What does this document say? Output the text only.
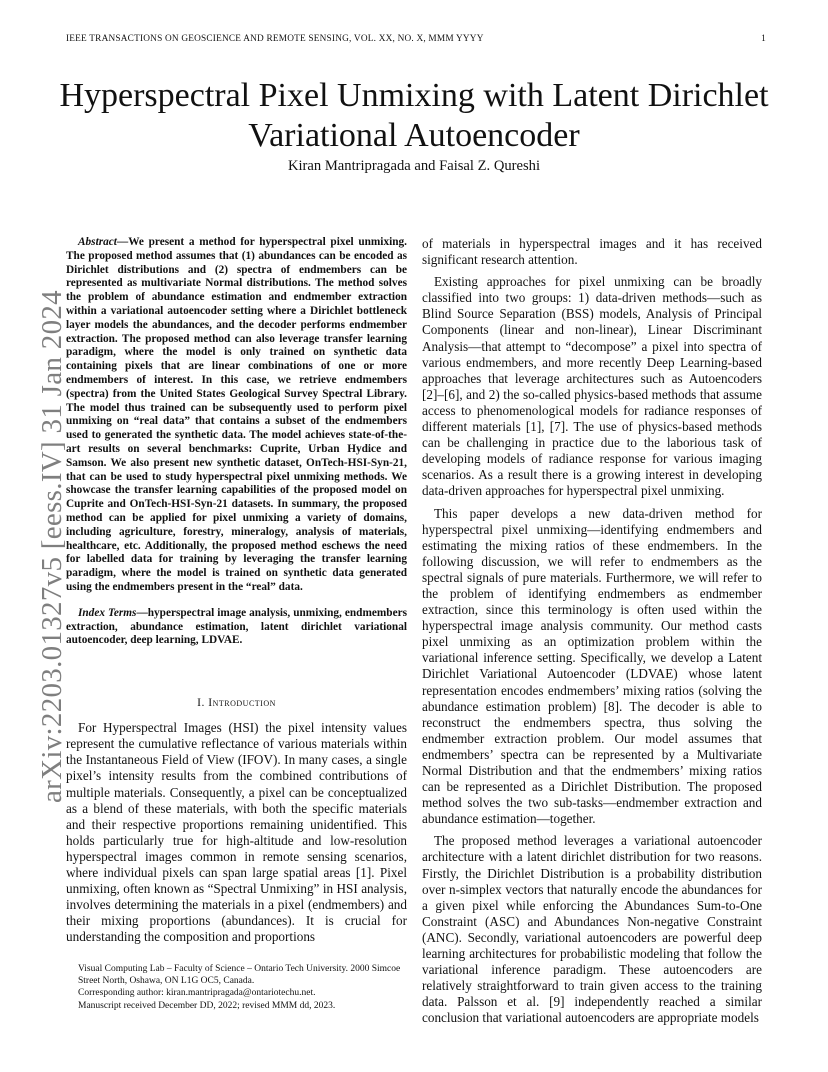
IEEE TRANSACTIONS ON GEOSCIENCE AND REMOTE SENSING, VOL. XX, NO. X, MMM YYYY	1
arXiv:2203.01327v5 [eess.IV] 31 Jan 2024
Hyperspectral Pixel Unmixing with Latent Dirichlet
Variational Autoencoder
Kiran Mantripragada and Faisal Z. Qureshi

Abstract—We present a method for hyperspectral pixel unmixing. The proposed method assumes that (1) abundances can be encoded as Dirichlet distributions and (2) spectra of endmembers can be represented as multivariate Normal distributions. The method solves the problem of abundance estimation and endmember extraction within a variational autoencoder setting where a Dirichlet bottleneck layer models the abundances, and the decoder performs endmember extraction. The proposed method can also leverage transfer learning paradigm, where the model is only trained on synthetic data containing pixels that are linear combinations of one or more endmembers of interest. In this case, we retrieve endmembers (spectra) from the United States Geological Survey Spectral Library. The model thus trained can be subsequently used to perform pixel unmixing on “real data” that contains a subset of the endmembers used to generated the synthetic data. The model achieves state-of-the-art results on several benchmarks: Cuprite, Urban Hydice and Samson. We also present new synthetic dataset, OnTech-HSI-Syn-21, that can be used to study hyperspectral pixel unmixing methods. We showcase the transfer learning capabilities of the proposed model on Cuprite and OnTech-HSI-Syn-21 datasets. In summary, the proposed method can be applied for pixel unmixing a variety of domains, including agriculture, forestry, mineralogy, analysis of materials, healthcare, etc. Additionally, the proposed method eschews the need for labelled data for training by leveraging the transfer learning paradigm, where the model is trained on synthetic data generated using the endmembers present in the “real” data.

Index Terms—hyperspectral image analysis, unmixing, endmembers extraction, abundance estimation, latent dirichlet variational autoencoder, deep learning, LDVAE.

I. Introduction

For Hyperspectral Images (HSI) the pixel intensity values represent the cumulative reflectance of various materials within the Instantaneous Field of View (IFOV). In many cases, a single pixel’s intensity results from the combined contributions of multiple materials. Consequently, a pixel can be conceptualized as a blend of these materials, with both the specific materials and their respective proportions remaining unidentified. This holds particularly true for high-altitude and low-resolution hyperspectral images common in remote sensing scenarios, where individual pixels can span large spatial areas [1]. Pixel unmixing, often known as “Spectral Unmixing” in HSI analysis, involves determining the materials in a pixel (endmembers) and their mixing proportions (abundances). It is crucial for understanding the composition and proportions

Visual Computing Lab – Faculty of Science – Ontario Tech University. 2000 Simcoe Street North, Oshawa, ON L1G OC5, Canada.

Corresponding author: kiran.mantripragada@ontariotechu.net.

Manuscript received December DD, 2022; revised MMM dd, 2023.

of materials in hyperspectral images and it has received significant research attention.

Existing approaches for pixel unmixing can be broadly classified into two groups: 1) data-driven methods—such as Blind Source Separation (BSS) models, Analysis of Principal Components (linear and non-linear), Linear Discriminant Analysis—that attempt to “decompose” a pixel into spectra of various endmembers, and more recently Deep Learning-based approaches that leverage architectures such as Autoencoders [2]–[6], and 2) the so-called physics-based methods that assume access to phenomenological models for radiance responses of different materials [1], [7]. The use of physics-based methods can be challenging in practice due to the laborious task of developing models of radiance response for various imaging scenarios. As a result there is a growing interest in developing data-driven approaches for hyperspectral pixel unmixing.

This paper develops a new data-driven method for hyperspectral pixel unmixing—identifying endmembers and estimating the mixing ratios of these endmembers. In the following discussion, we will refer to endmembers as the spectral signals of pure materials. Furthermore, we will refer to the problem of identifying endmembers as endmember extraction, since this terminology is often used within the hyperspectral image analysis community. Our method casts pixel unmixing as an optimization problem within the variational inference setting. Specifically, we develop a Latent Dirichlet Variational Autoencoder (LDVAE) whose latent representation encodes endmembers’ mixing ratios (solving the abundance estimation problem) [8]. The decoder is able to reconstruct the endmembers spectra, thus solving the endmember extraction problem. Our model assumes that endmembers’ spectra can be represented by a Multivariate Normal Distribution and that the endmembers’ mixing ratios can be represented as a Dirichlet Distribution. The proposed method solves the two sub-tasks—endmember extraction and abundance estimation—together.

The proposed method leverages a variational autoencoder architecture with a latent dirichlet distribution for two reasons. Firstly, the Dirichlet Distribution is a probability distribution over n-simplex vectors that naturally encode the abundances for a given pixel while enforcing the Abundances Sum-to-One Constraint (ASC) and Abundances Non-negative Constraint (ANC). Secondly, variational autoencoders are powerful deep learning architectures for probabilistic modeling that follow the variational inference paradigm. These autoencoders are relatively straightforward to train given access to the training data. Palsson et al. [9] independently reached a similar conclusion that variational autoencoders are appropriate models
